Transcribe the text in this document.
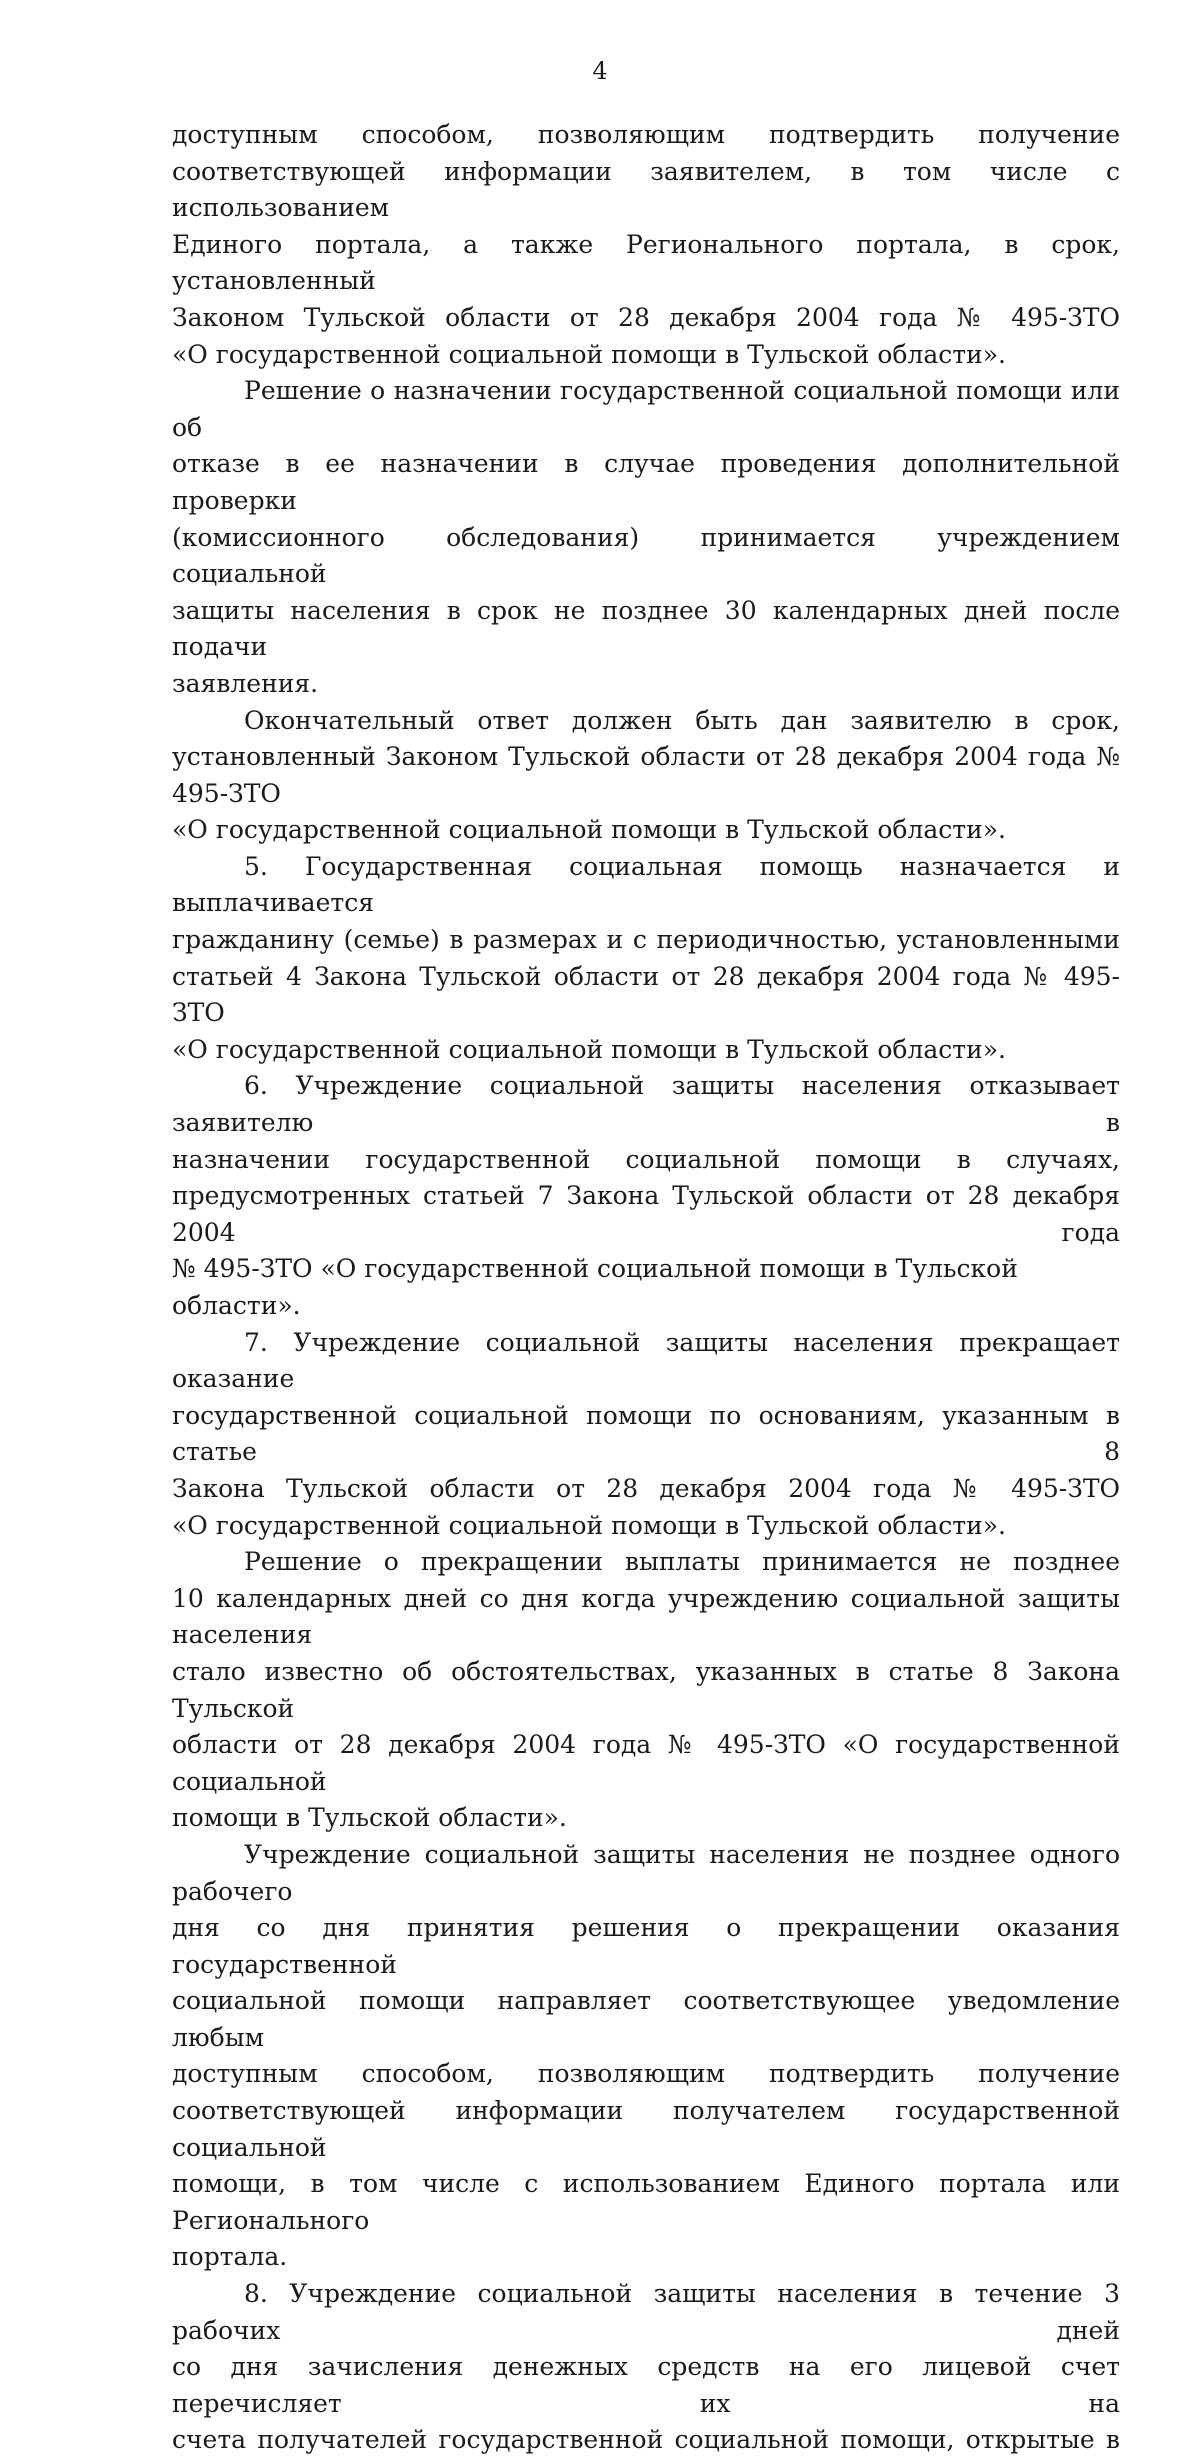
4
доступным способом, позволяющим подтвердить получение
соответствующей информации заявителем, в том числе с использованием
Единого портала, а также Регионального портала, в срок, установленный
Законом Тульской области от 28 декабря 2004 года № 495-ЗТО
«О государственной социальной помощи в Тульской области».
Решение о назначении государственной социальной помощи или об
отказе в ее назначении в случае проведения дополнительной проверки
(комиссионного обследования) принимается учреждением социальной
защиты населения в срок не позднее 30 календарных дней после подачи
заявления.
Окончательный ответ должен быть дан заявителю в срок,
установленный Законом Тульской области от 28 декабря 2004 года № 495-ЗТО
«О государственной социальной помощи в Тульской области».
5. Государственная социальная помощь назначается и выплачивается
гражданину (семье) в размерах и с периодичностью, установленными
статьей 4 Закона Тульской области от 28 декабря 2004 года № 495-ЗТО
«О государственной социальной помощи в Тульской области».
6. Учреждение социальной защиты населения отказывает заявителю в
назначении государственной социальной помощи в случаях,
предусмотренных статьей 7 Закона Тульской области от 28 декабря 2004 года
№ 495-ЗТО «О государственной социальной помощи в Тульской области».
7. Учреждение социальной защиты населения прекращает оказание
государственной социальной помощи по основаниям, указанным в статье 8
Закона Тульской области от 28 декабря 2004 года № 495-ЗТО
«О государственной социальной помощи в Тульской области».
Решение о прекращении выплаты принимается не позднее
10 календарных дней со дня когда учреждению социальной защиты населения
стало известно об обстоятельствах, указанных в статье 8 Закона Тульской
области от 28 декабря 2004 года № 495-ЗТО «О государственной социальной
помощи в Тульской области».
Учреждение социальной защиты населения не позднее одного рабочего
дня со дня принятия решения о прекращении оказания государственной
социальной помощи направляет соответствующее уведомление любым
доступным способом, позволяющим подтвердить получение
соответствующей информации получателем государственной социальной
помощи, в том числе с использованием Единого портала или Регионального
портала.
8. Учреждение социальной защиты населения в течение 3 рабочих дней
со дня зачисления денежных средств на его лицевой счет перечисляет их на
счета получателей государственной социальной помощи, открытые в
